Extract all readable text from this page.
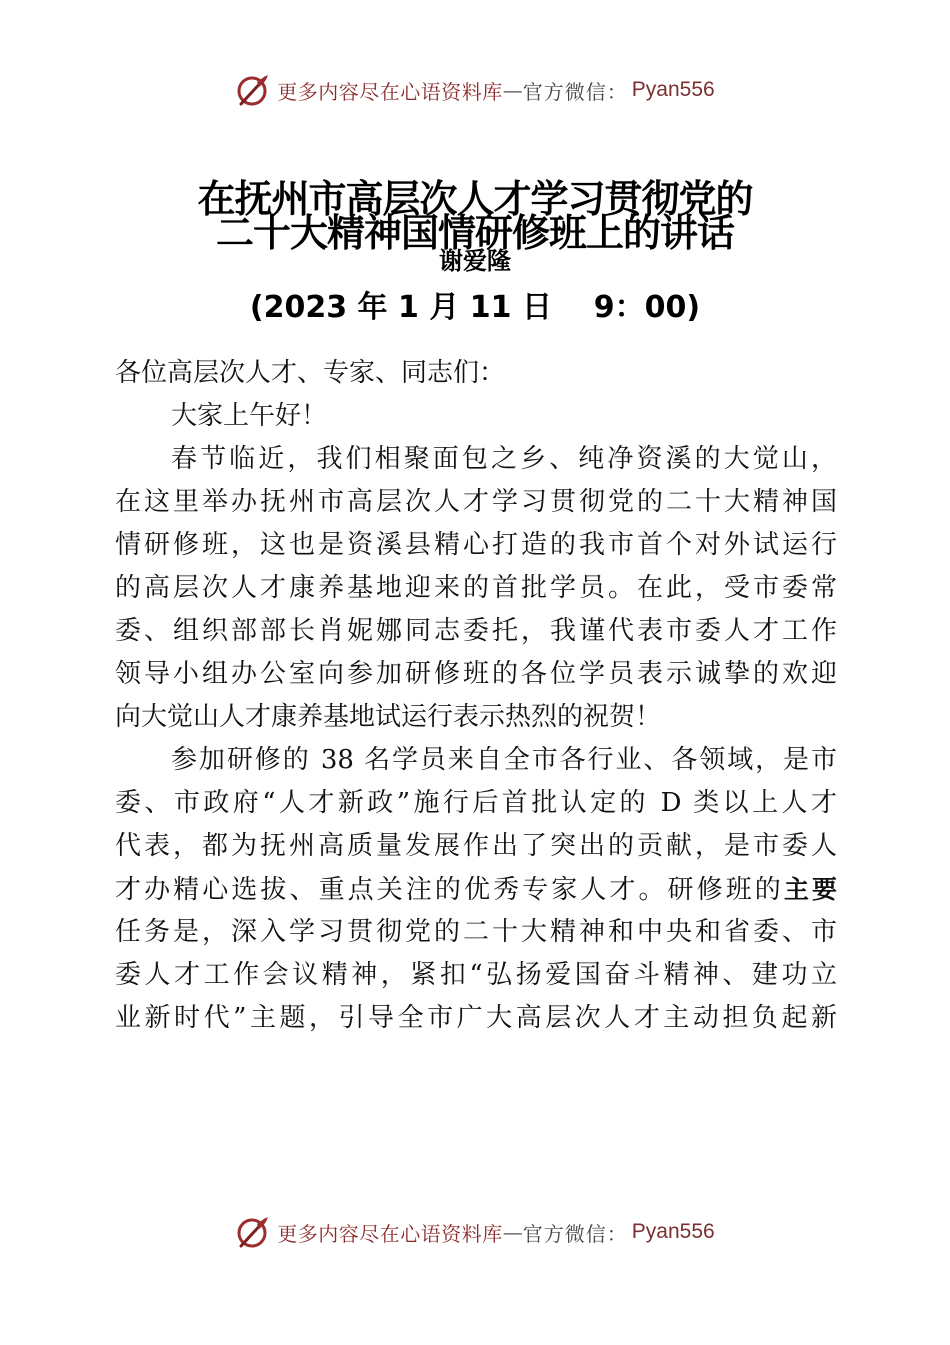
更多内容尽在心语资料库 — 官方微信： Pyan556
在抚州市高层次人才学习贯彻党的
二十大精神国情研修班上的讲话
谢爱隆
(2023 年 1 月 11 日    9：00)
各位高层次人才、专家、同志们：
大家上午好！
春节临近，我们相聚面包之乡、纯净资溪的大觉山，
在这里举办抚州市高层次人才学习贯彻党的二十大精神国
情研修班，这也是资溪县精心打造的我市首个对外试运行
的高层次人才康养基地迎来的首批学员。在此，受市委常
委、组织部部长肖妮娜同志委托，我谨代表市委人才工作
领导小组办公室向参加研修班的各位学员表示诚挚的欢迎
向大觉山人才康养基地试运行表示热烈的祝贺！
参加研修的 38 名学员来自全市各行业、各领域，是市
委、市政府“人才新政”施行后首批认定的 D 类以上人才
代表，都为抚州高质量发展作出了突出的贡献，是市委人
才办精心选拔、重点关注的优秀专家人才。研修班的主要
任务是，深入学习贯彻党的二十大精神和中央和省委、市
委人才工作会议精神，紧扣“弘扬爱国奋斗精神、建功立
业新时代”主题，引导全市广大高层次人才主动担负起新
更多内容尽在心语资料库 — 官方微信： Pyan556
